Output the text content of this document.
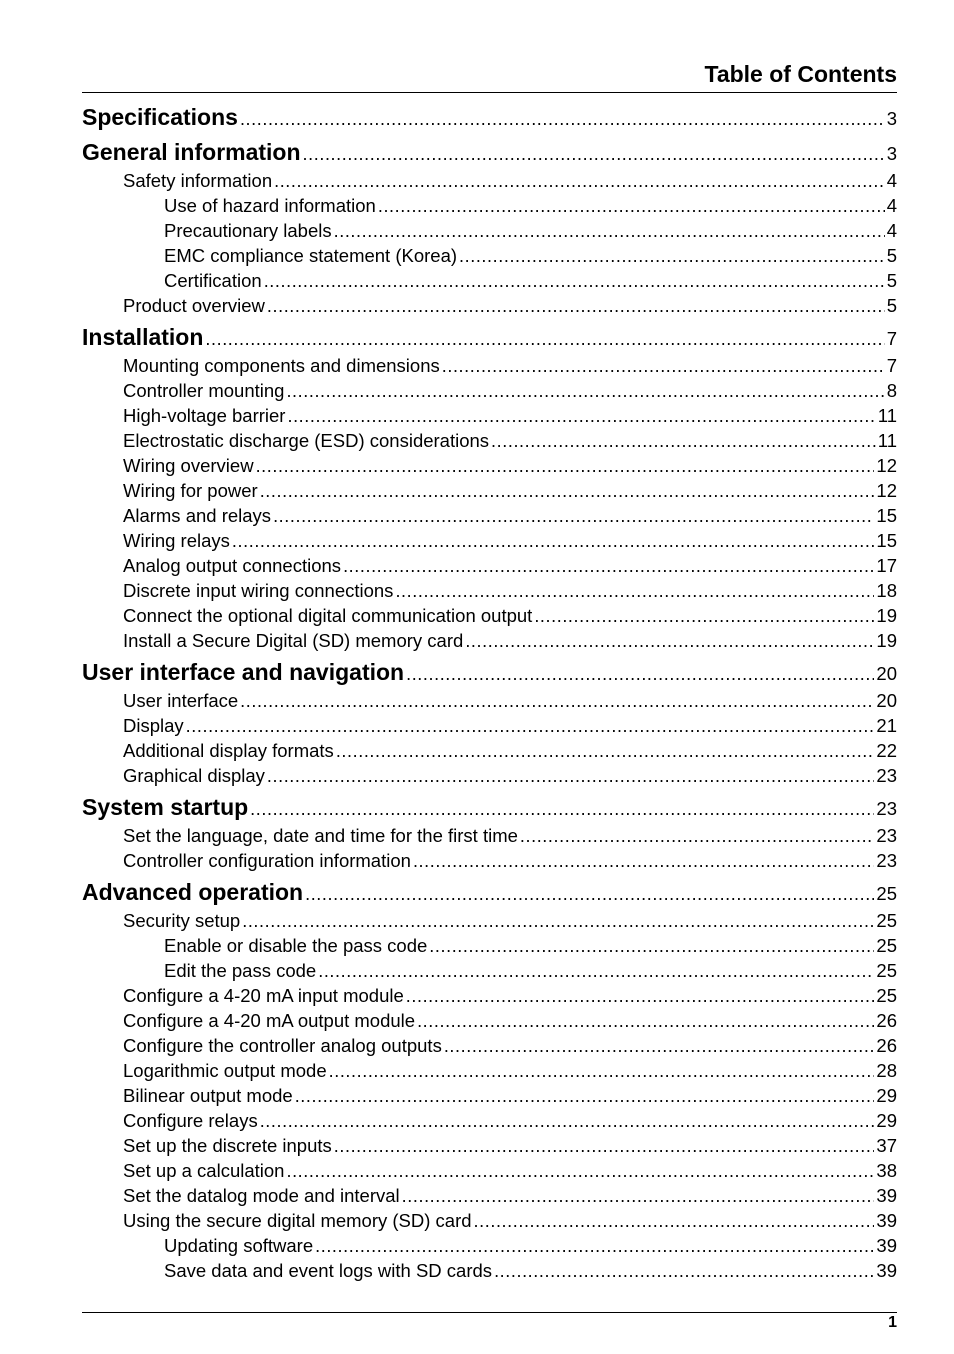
Table of Contents
Specifications .....	3
General information .....	3
Safety information .....	4
Use of hazard information .....	4
Precautionary labels .....	4
EMC compliance statement (Korea) .....	5
Certification .....	5
Product overview .....	5
Installation .....	7
Mounting components and dimensions .....	7
Controller mounting .....	8
High-voltage barrier .....	11
Electrostatic discharge (ESD) considerations .....	11
Wiring overview .....	12
Wiring for power .....	12
Alarms and relays .....	15
Wiring relays .....	15
Analog output connections .....	17
Discrete input wiring connections .....	18
Connect the optional digital communication output .....	19
Install a Secure Digital (SD) memory card .....	19
User interface and navigation .....	20
User interface .....	20
Display .....	21
Additional display formats .....	22
Graphical display .....	23
System startup .....	23
Set the language, date and time for the first time .....	23
Controller configuration information .....	23
Advanced operation .....	25
Security setup .....	25
Enable or disable the pass code .....	25
Edit the pass code .....	25
Configure a 4-20 mA input module .....	25
Configure a 4-20 mA output module .....	26
Configure the controller analog outputs .....	26
Logarithmic output mode .....	28
Bilinear output mode .....	29
Configure relays .....	29
Set up the discrete inputs .....	37
Set up a calculation .....	38
Set the datalog mode and interval .....	39
Using the secure digital memory (SD) card .....	39
Updating software .....	39
Save data and event logs with SD cards .....	39
1
